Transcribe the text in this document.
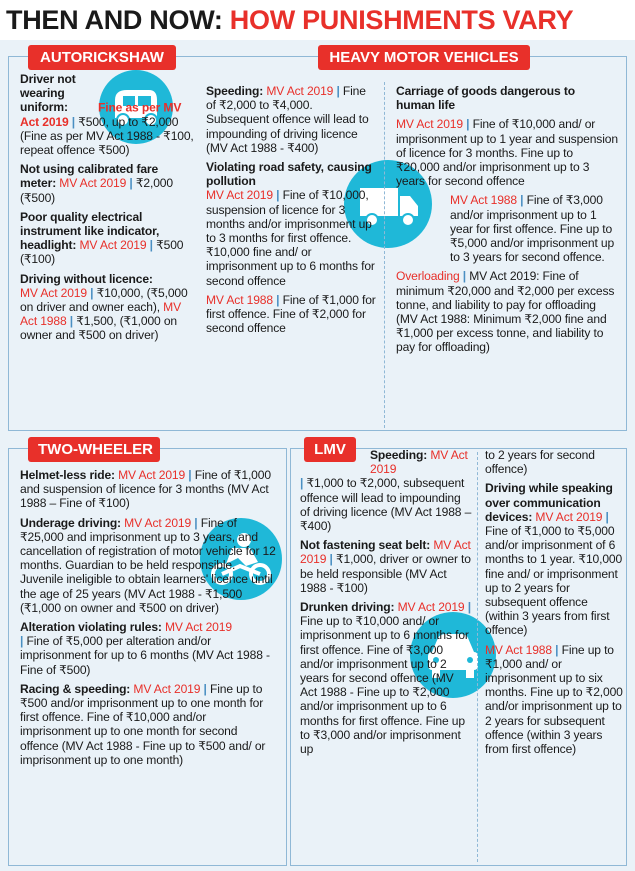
THEN AND NOW: HOW PUNISHMENTS VARY
AUTORICKSHAW	HEAVY MOTOR VEHICLES
TWO-WHEELER	LMV

Driver not wearing uniform:Fine as per MV Act 2019 | ₹500, up to ₹2,000 (Fine as per MV Act 1988 - ₹100, repeat offence ₹500)

Not using calibrated fare meter: MV Act 2019 | ₹2,000 (₹500)

Poor quality electrical instrument like indicator, headlight: MV Act 2019 | ₹500 (₹100)

Driving without licence:
MV Act 2019 | ₹10,000, (₹5,000 on driver and owner each), MV Act 1988 | ₹1,500, (₹1,000 on owner and ₹500 on driver)

Speeding: MV Act 2019 | Fine of ₹2,000 to ₹4,000. Subsequent offence will lead to impounding of driving licence (MV Act 1988 - ₹400)

Violating road safety, causing pollution
MV Act 2019 | Fine of ₹10,000, suspension of licence for 3 months and/or imprisonment up to 3 months for first offence. ₹10,000 fine and/ or imprisonment up to 6 months for second offence

MV Act 1988 | Fine of ₹1,000 for first offence. Fine of ₹2,000 for second offence

Carriage of goods dangerous to human life

MV Act 2019 | Fine of ₹10,000 and/ or imprisonment up to 1 year and suspension of licence for 3 months. Fine up to ₹20,000 and/or imprisonment up to 3 years for second offence

MV Act 1988 | Fine of ₹3,000 and/or imprisonment up to 1 year for first offence. Fine up to ₹5,000 and/or imprisonment up to 3 years for second offence.

Overloading | MV Act 2019: Fine of minimum ₹20,000 and ₹2,000 per excess tonne, and liability to pay for offloading (MV Act 1988: Minimum ₹2,000 fine and ₹1,000 per excess tonne, and liability to pay for offloading)

Helmet-less ride: MV Act 2019 | Fine of ₹1,000 and suspension of licence for 3 months (MV Act 1988 – Fine of ₹100)

Underage driving: MV Act 2019 | Fine of ₹25,000 and imprisonment up to 3 years, and cancellation of registration of motor vehicle for 12 months. Guardian to be held responsible. Juvenile ineligible to obtain learners' licence until the age of 25 years (MV Act 1988 - ₹1,500 (₹1,000 on owner and ₹500 on driver)

Alteration violating rules: MV Act 2019
| Fine of ₹5,000 per alteration and/or imprisonment for up to 6 months (MV Act 1988 - Fine of ₹500)

Racing & speeding: MV Act 2019 | Fine up to ₹500 and/or imprisonment up to one month for first offence. Fine of ₹10,000 and/or imprisonment up to one month for second offence (MV Act 1988 - Fine up to ₹500 and/ or imprisonment up to one month)

Speeding: MV Act 2019

| ₹1,000 to ₹2,000, subsequent offence will lead to impounding of driving licence (MV Act 1988 – ₹400)

Not fastening seat belt: MV Act 2019 | ₹1,000, driver or owner to be held responsible (MV Act 1988 - ₹100)

Drunken driving: MV Act 2019 | Fine up to ₹10,000 and/ or imprisonment up to 6 months for first offence. Fine of ₹3,000 and/or imprisonment up to 2 years for second offence (MV Act 1988 - Fine up to ₹2,000 and/or imprisonment up to 6 months for first offence. Fine up to ₹3,000 and/or imprisonment up

to 2 years for second offence)

Driving while speaking over communication devices: MV Act 2019 | Fine of ₹1,000 to ₹5,000 and/or imprisonment of 6 months to 1 year. ₹10,000 fine and/ or imprisonment up to 2 years for subsequent offence (within 3 years from first offence)

MV Act 1988 | Fine up to ₹1,000 and/ or imprisonment up to six months. Fine up to ₹2,000 and/or imprisonment up to 2 years for subsequent offence (within 3 years from first offence)
